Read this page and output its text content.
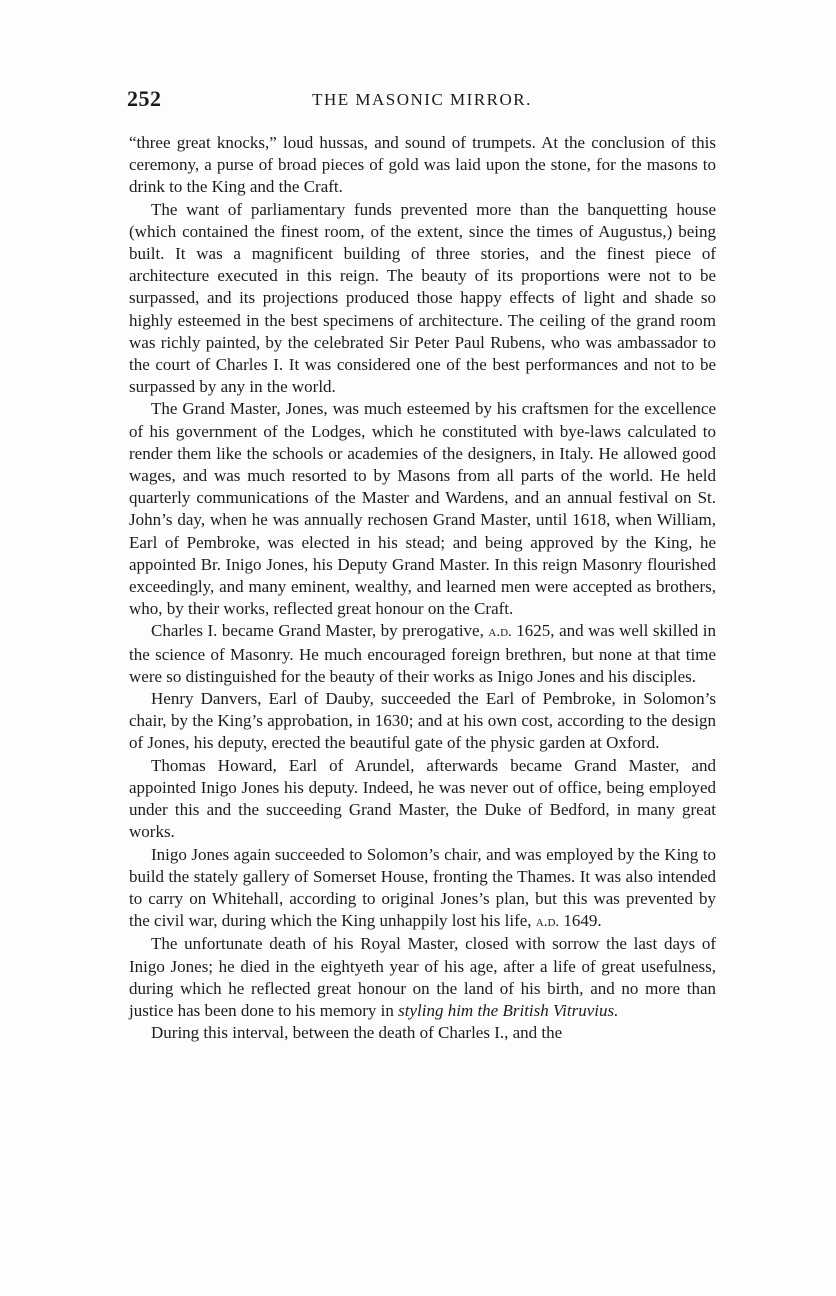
252	THE MASONIC MIRROR.

“three great knocks,” loud hussas, and sound of trumpets. At the conclusion of this ceremony, a purse of broad pieces of gold was laid upon the stone, for the masons to drink to the King and the Craft.

The want of parliamentary funds prevented more than the banquetting house (which contained the finest room, of the extent, since the times of Augustus,) being built. It was a magnificent building of three stories, and the finest piece of architecture executed in this reign. The beauty of its proportions were not to be surpassed, and its projections produced those happy effects of light and shade so highly esteemed in the best specimens of architecture. The ceiling of the grand room was richly painted, by the celebrated Sir Peter Paul Rubens, who was ambassador to the court of Charles I. It was considered one of the best performances and not to be surpassed by any in the world.

The Grand Master, Jones, was much esteemed by his craftsmen for the excellence of his government of the Lodges, which he constituted with bye-laws calculated to render them like the schools or academies of the designers, in Italy. He allowed good wages, and was much resorted to by Masons from all parts of the world. He held quarterly communications of the Master and Wardens, and an annual festival on St. John’s day, when he was annually rechosen Grand Master, until 1618, when William, Earl of Pembroke, was elected in his stead; and being approved by the King, he appointed Br. Inigo Jones, his Deputy Grand Master. In this reign Masonry flourished exceedingly, and many eminent, wealthy, and learned men were accepted as brothers, who, by their works, reflected great honour on the Craft.

Charles I. became Grand Master, by prerogative, a.d. 1625, and was well skilled in the science of Masonry. He much encouraged foreign brethren, but none at that time were so distinguished for the beauty of their works as Inigo Jones and his disciples.

Henry Danvers, Earl of Dauby, succeeded the Earl of Pembroke, in Solomon’s chair, by the King’s approbation, in 1630; and at his own cost, according to the design of Jones, his deputy, erected the beautiful gate of the physic garden at Oxford.

Thomas Howard, Earl of Arundel, afterwards became Grand Master, and appointed Inigo Jones his deputy. Indeed, he was never out of office, being employed under this and the succeeding Grand Master, the Duke of Bedford, in many great works.

Inigo Jones again succeeded to Solomon’s chair, and was employed by the King to build the stately gallery of Somerset House, fronting the Thames. It was also intended to carry on Whitehall, according to original Jones’s plan, but this was prevented by the civil war, during which the King unhappily lost his life, a.d. 1649.

The unfortunate death of his Royal Master, closed with sorrow the last days of Inigo Jones; he died in the eightyeth year of his age, after a life of great usefulness, during which he reflected great honour on the land of his birth, and no more than justice has been done to his memory in styling him the British Vitruvius.

During this interval, between the death of Charles I., and the
